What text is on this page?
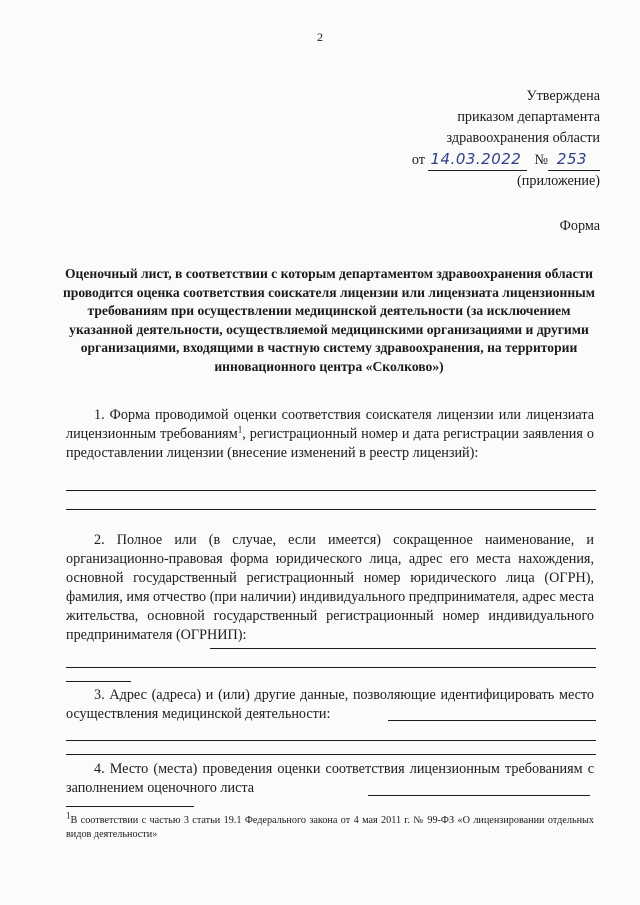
2
Утверждена
приказом департамента
здравоохранения области
от 14.03.2022 № 253
(приложение)
Форма
Оценочный лист, в соответствии с которым департаментом здравоохранения области проводится оценка соответствия соискателя лицензии или лицензиата лицензионным требованиям при осуществлении медицинской деятельности (за исключением указанной деятельности, осуществляемой медицинскими организациями и другими организациями, входящими в частную систему здравоохранения, на территории инновационного центра «Сколково»)
1. Форма проводимой оценки соответствия соискателя лицензии или лицензиата лицензионным требованиям$^1$, регистрационный номер и дата регистрации заявления о предоставлении лицензии (внесение изменений в реестр лицензий):
2. Полное или (в случае, если имеется) сокращенное наименование, и организационно-правовая форма юридического лица, адрес его места нахождения, основной государственный регистрационный номер юридического лица (ОГРН), фамилия, имя отчество (при наличии) индивидуального предпринимателя, адрес места жительства, основной государственный регистрационный номер индивидуального предпринимателя (ОГРНИП):
3. Адрес (адреса) и (или) другие данные, позволяющие идентифицировать место осуществления медицинской деятельности:
4. Место (места) проведения оценки соответствия лицензионным требованиям с заполнением оценочного листа
$^1$В соответствии с частью 3 статьи 19.1 Федерального закона от 4 мая 2011 г. № 99-ФЗ «О лицензировании отдельных видов деятельности»
